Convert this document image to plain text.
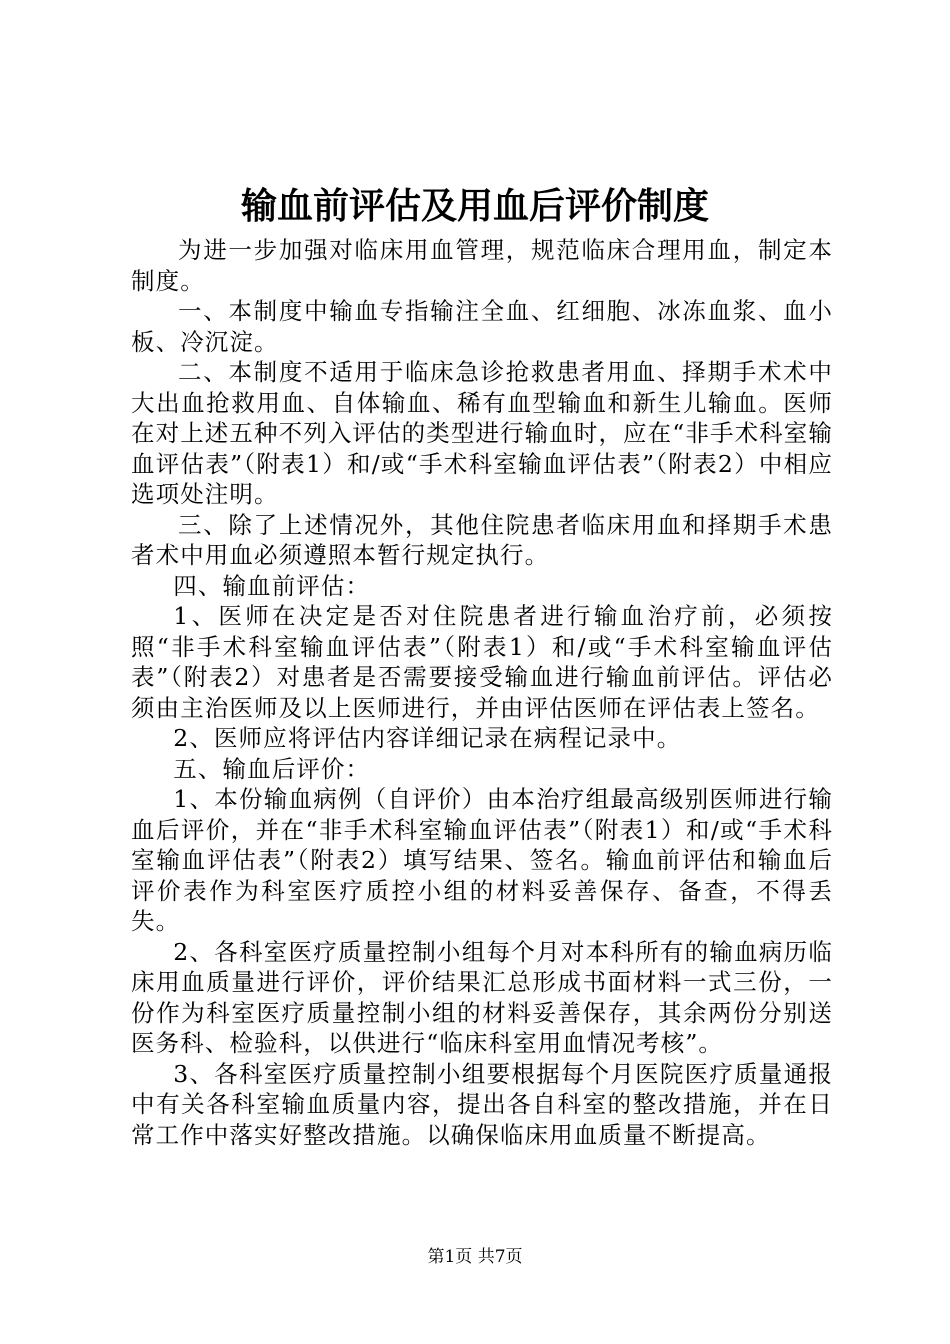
输血前评估及用血后评价制度

为进一步加强对临床用血管理，规范临床合理用血，制定本制度。

一、本制度中输血专指输注全血、红细胞、冰冻血浆、血小板、冷沉淀。

二、本制度不适用于临床急诊抢救患者用血、择期手术术中大出血抢救用血、自体输血、稀有血型输血和新生儿输血。医师在对上述五种不列入评估的类型进行输血时，应在“非手术科室输血评估表”（附表1）和/或“手术科室输血评估表”（附表2）中相应选项处注明。

三、除了上述情况外，其他住院患者临床用血和择期手术患者术中用血必须遵照本暂行规定执行。

四、输血前评估：

1、医师在决定是否对住院患者进行输血治疗前，必须按照“非手术科室输血评估表”（附表1）和/或“手术科室输血评估表”（附表2）对患者是否需要接受输血进行输血前评估。评估必须由主治医师及以上医师进行，并由评估医师在评估表上签名。

2、医师应将评估内容详细记录在病程记录中。

五、输血后评价：

1、本份输血病例（自评价）由本治疗组最高级别医师进行输血后评价，并在“非手术科室输血评估表”（附表1）和/或“手术科室输血评估表”（附表2）填写结果、签名。输血前评估和输血后评价表作为科室医疗质控小组的材料妥善保存、备查，不得丢失。

2、各科室医疗质量控制小组每个月对本科所有的输血病历临床用血质量进行评价，评价结果汇总形成书面材料一式三份，一份作为科室医疗质量控制小组的材料妥善保存，其余两份分别送医务科、检验科，以供进行“临床科室用血情况考核”。

3、各科室医疗质量控制小组要根据每个月医院医疗质量通报中有关各科室输血质量内容，提出各自科室的整改措施，并在日常工作中落实好整改措施。以确保临床用血质量不断提高。

第1页 共7页
